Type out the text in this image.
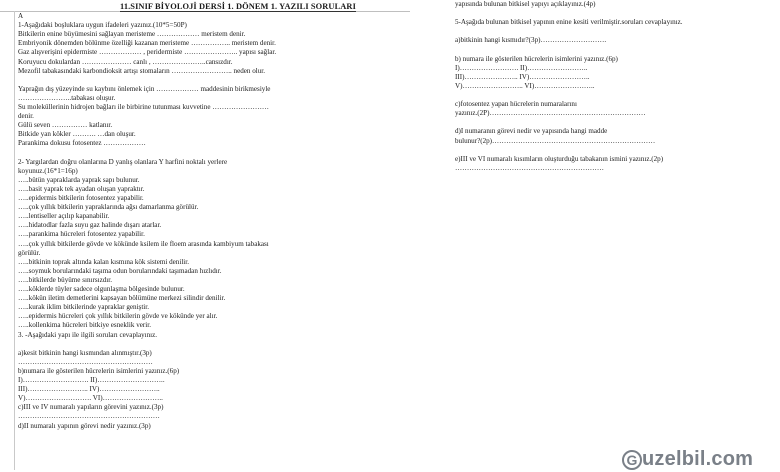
11.SINIF BİYOLOJİ DERSİ 1. DÖNEM 1. YAZILI SORULARI
A
1-Aşağıdaki boşluklara uygun ifadeleri yazınız.(10*5=50P)
Bitkilerin enine büyümesini sağlayan meristeme ……………… meristem denir.
Embriyonik dönemden bölünme özelliği kazanan meristeme …………….. meristem denir.
Gaz alışverişini epidermiste ……………… , peridermiste ………………….. yapısı sağlar.
Koruyucu dokulardan ………………… canlı , …………………..cansızdır.
Mezofil tabakasındaki karbondioksit artışı stomaların …………………….. neden olur.
Yaprağın dış yüzeyinde su kaybını önlemek için ……………… maddesinin birikmesiyle
…………………..tabakası oluşur.
Su moleküllerinin hidrojen bağları ile birbirine tutunması kuvvetine ……………………
denir.
Gülü seven …………… katlanır.
Bitkide yan kökler ………. …dan oluşur.
Parankima dokusu fotosentez ………………
2- Yargılardan doğru olanlarına D yanlış olanlara Y harfini noktalı yerlere
koyunuz.(16*1=16p)
…..bütün yapraklarda yaprak sapı bulunur.
…..basit yaprak tek ayadan oluşan yapraktır.
…..epidermis bitkilerin fotosentez yapabilir.
…..çok yıllık bitkilerin yapraklarında ağsı damarlanma görülür.
…..lentiseller açılıp kapanabilir.
…..hidatodlar fazla suyu gaz halinde dışarı atarlar.
…..parankima hücreleri fotosentez yapabilir.
…..çok yıllık bitkilerde gövde ve kökünde ksilem ile floem arasında kambiyum tabakası
görülür.
…..bitkinin toprak altında kalan kısmına kök sistemi denilir.
…..soymuk borularındaki taşıma odun borularındaki taşımadan hızlıdır.
…..bitkilerde büyüme sınırsızdır.
…..köklerde tüyler sadece olgunlaşma bölgesinde bulunur.
…..kökün iletim demetlerini kapsayan bölümüne merkezi silindir denilir.
…..kurak iklim bitkilerinde yapraklar geniştir.
…..epidermis hücreleri çok yıllık bitkilerin gövde ve kökünde yer alır.
…..kollenkima hücreleri bitkiye esneklik verir.
3. -Aşağıdaki yapı ile ilgili soruları cevaplayınız.
a)kesit bitkinin hangi kısmından alınmıştır.(3p)
…………………………………………………
b)numara ile gösterilen hücrelerin isimlerini yazınız.(6p)
I)………………………. II)………………………..
III)…………………….. IV)……………………..
V)………………………. VI)……………………..
c)III ve IV numaralı yapıların görevini yazınız.(3p)
……………………………………………………
d)II numaralı yapının görevi nedir yazınız.(3p)
yapısında bulunan bitkisel yapıyı açıklayınız.(4p)
5-Aşağıda bulunan bitkisel yapının enine kesiti verilmiştir.soruları cevaplayınız.
a)bitkinin hangi kısmıdır?(3p)……………………….
b) numara ile gösterilen hücrelerin isimlerini yazınız.(6p)
I)……………………. II)……………………..
III)………………….. IV)……………………..
V)…………………….. VI)……………………..
c)fotosentez yapan hücrelerin numaralarını
yazınız.(2P)…………………………………………………………
d)I numaranın görevi nedir ve yapısında hangi madde
bulunur?(2p)……………………………………………………………
e)III ve VI numaralı kısımların oluşturduğu tabakanın ismini yazınız.(2p)
………………………………………………………
G uzelbil.com
